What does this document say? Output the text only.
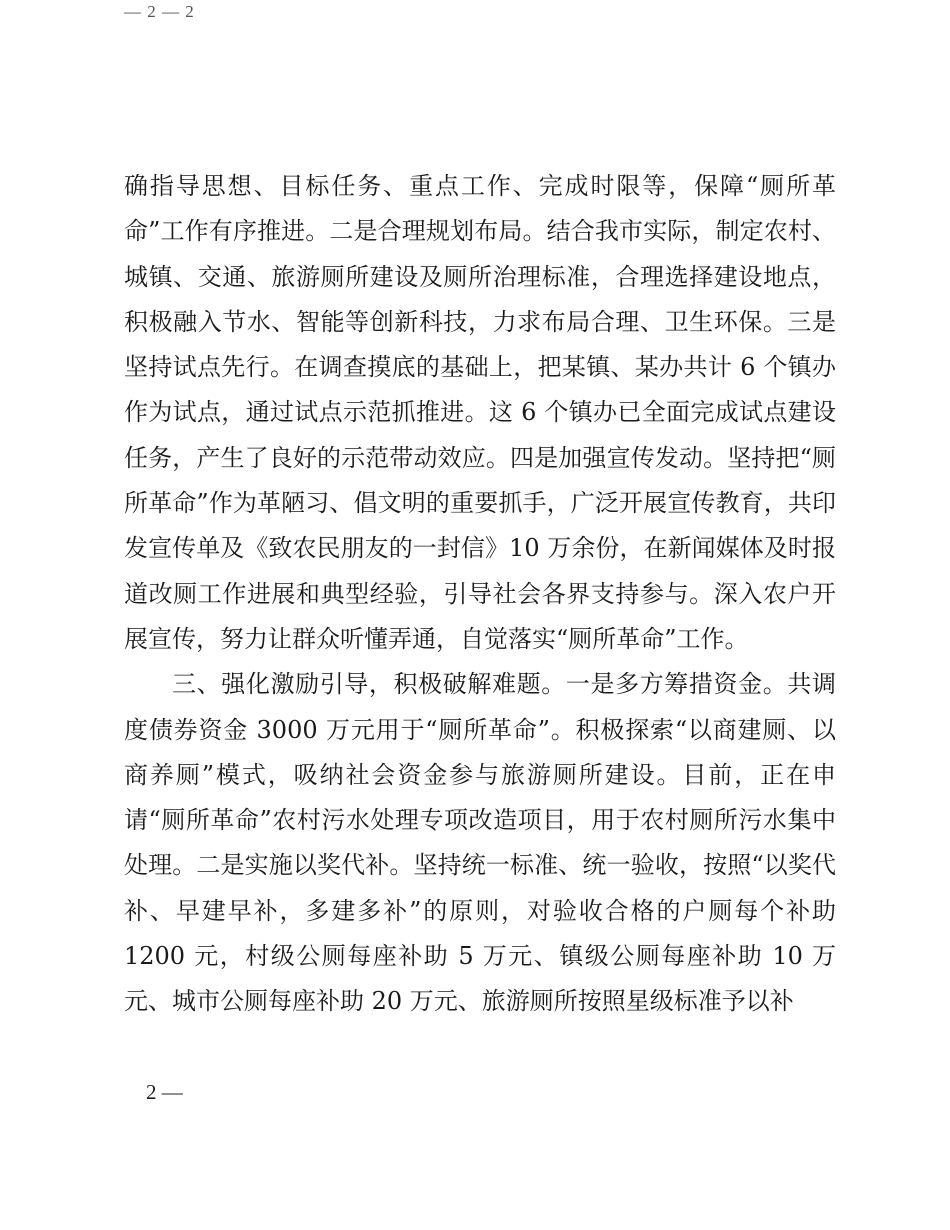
— 2 — 2

确指导思想、目标任务、重点工作、完成时限等，保障“厕所革命”工作有序推进。二是合理规划布局。结合我市实际，制定农村、城镇、交通、旅游厕所建设及厕所治理标准，合理选择建设地点，积极融入节水、智能等创新科技，力求布局合理、卫生环保。三是坚持试点先行。在调查摸底的基础上，把某镇、某办共计 6 个镇办作为试点，通过试点示范抓推进。这 6 个镇办已全面完成试点建设任务，产生了良好的示范带动效应。四是加强宣传发动。坚持把“厕所革命”作为革陋习、倡文明的重要抓手，广泛开展宣传教育，共印发宣传单及《致农民朋友的一封信》10 万余份，在新闻媒体及时报道改厕工作进展和典型经验，引导社会各界支持参与。深入农户开展宣传，努力让群众听懂弄通，自觉落实“厕所革命”工作。

三、强化激励引导，积极破解难题。一是多方筹措资金。共调度债券资金 3000 万元用于“厕所革命”。积极探索“以商建厕、以商养厕”模式，吸纳社会资金参与旅游厕所建设。目前，正在申请“厕所革命”农村污水处理专项改造项目，用于农村厕所污水集中处理。二是实施以奖代补。坚持统一标准、统一验收，按照“以奖代补、早建早补，多建多补”的原则，对验收合格的户厕每个补助 1200 元，村级公厕每座补助 5 万元、镇级公厕每座补助 10 万元、城市公厕每座补助 20 万元、旅游厕所按照星级标准予以补

2 —
